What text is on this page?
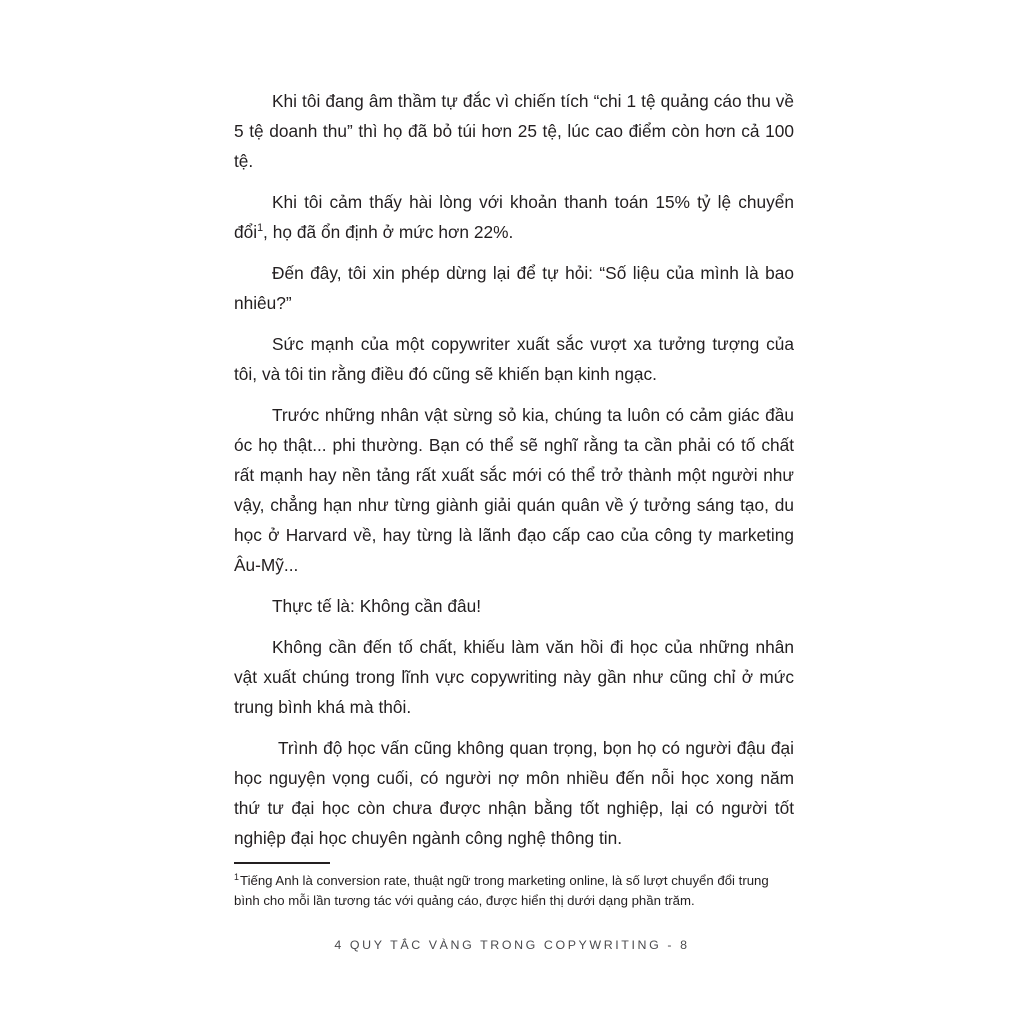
Khi tôi đang âm thầm tự đắc vì chiến tích “chi 1 tệ quảng cáo thu về 5 tệ doanh thu” thì họ đã bỏ túi hơn 25 tệ, lúc cao điểm còn hơn cả 100 tệ.

Khi tôi cảm thấy hài lòng với khoản thanh toán 15% tỷ lệ chuyển đổi$^1$, họ đã ổn định ở mức hơn 22%.

Đến đây, tôi xin phép dừng lại để tự hỏi: “Số liệu của mình là bao nhiêu?”

Sức mạnh của một copywriter xuất sắc vượt xa tưởng tượng của tôi, và tôi tin rằng điều đó cũng sẽ khiến bạn kinh ngạc.

Trước những nhân vật sừng sỏ kia, chúng ta luôn có cảm giác đầu óc họ thật... phi thường. Bạn có thể sẽ nghĩ rằng ta cần phải có tố chất rất mạnh hay nền tảng rất xuất sắc mới có thể trở thành một người như vậy, chẳng hạn như từng giành giải quán quân về ý tưởng sáng tạo, du học ở Harvard về, hay từng là lãnh đạo cấp cao của công ty marketing Âu-Mỹ...

Thực tế là: Không cần đâu!

Không cần đến tố chất, khiếu làm văn hồi đi học của những nhân vật xuất chúng trong lĩnh vực copywriting này gần như cũng chỉ ở mức trung bình khá mà thôi.

Trình độ học vấn cũng không quan trọng, bọn họ có người đậu đại học nguyện vọng cuối, có người nợ môn nhiều đến nỗi học xong năm thứ tư đại học còn chưa được nhận bằng tốt nghiệp, lại có người tốt nghiệp đại học chuyên ngành công nghệ thông tin.

$^1$Tiếng Anh là conversion rate, thuật ngữ trong marketing online, là số lượt chuyển đổi trung bình cho mỗi lần tương tác với quảng cáo, được hiển thị dưới dạng phần trăm.

4 QUY TẮC VÀNG TRONG COPYWRITING - 8
